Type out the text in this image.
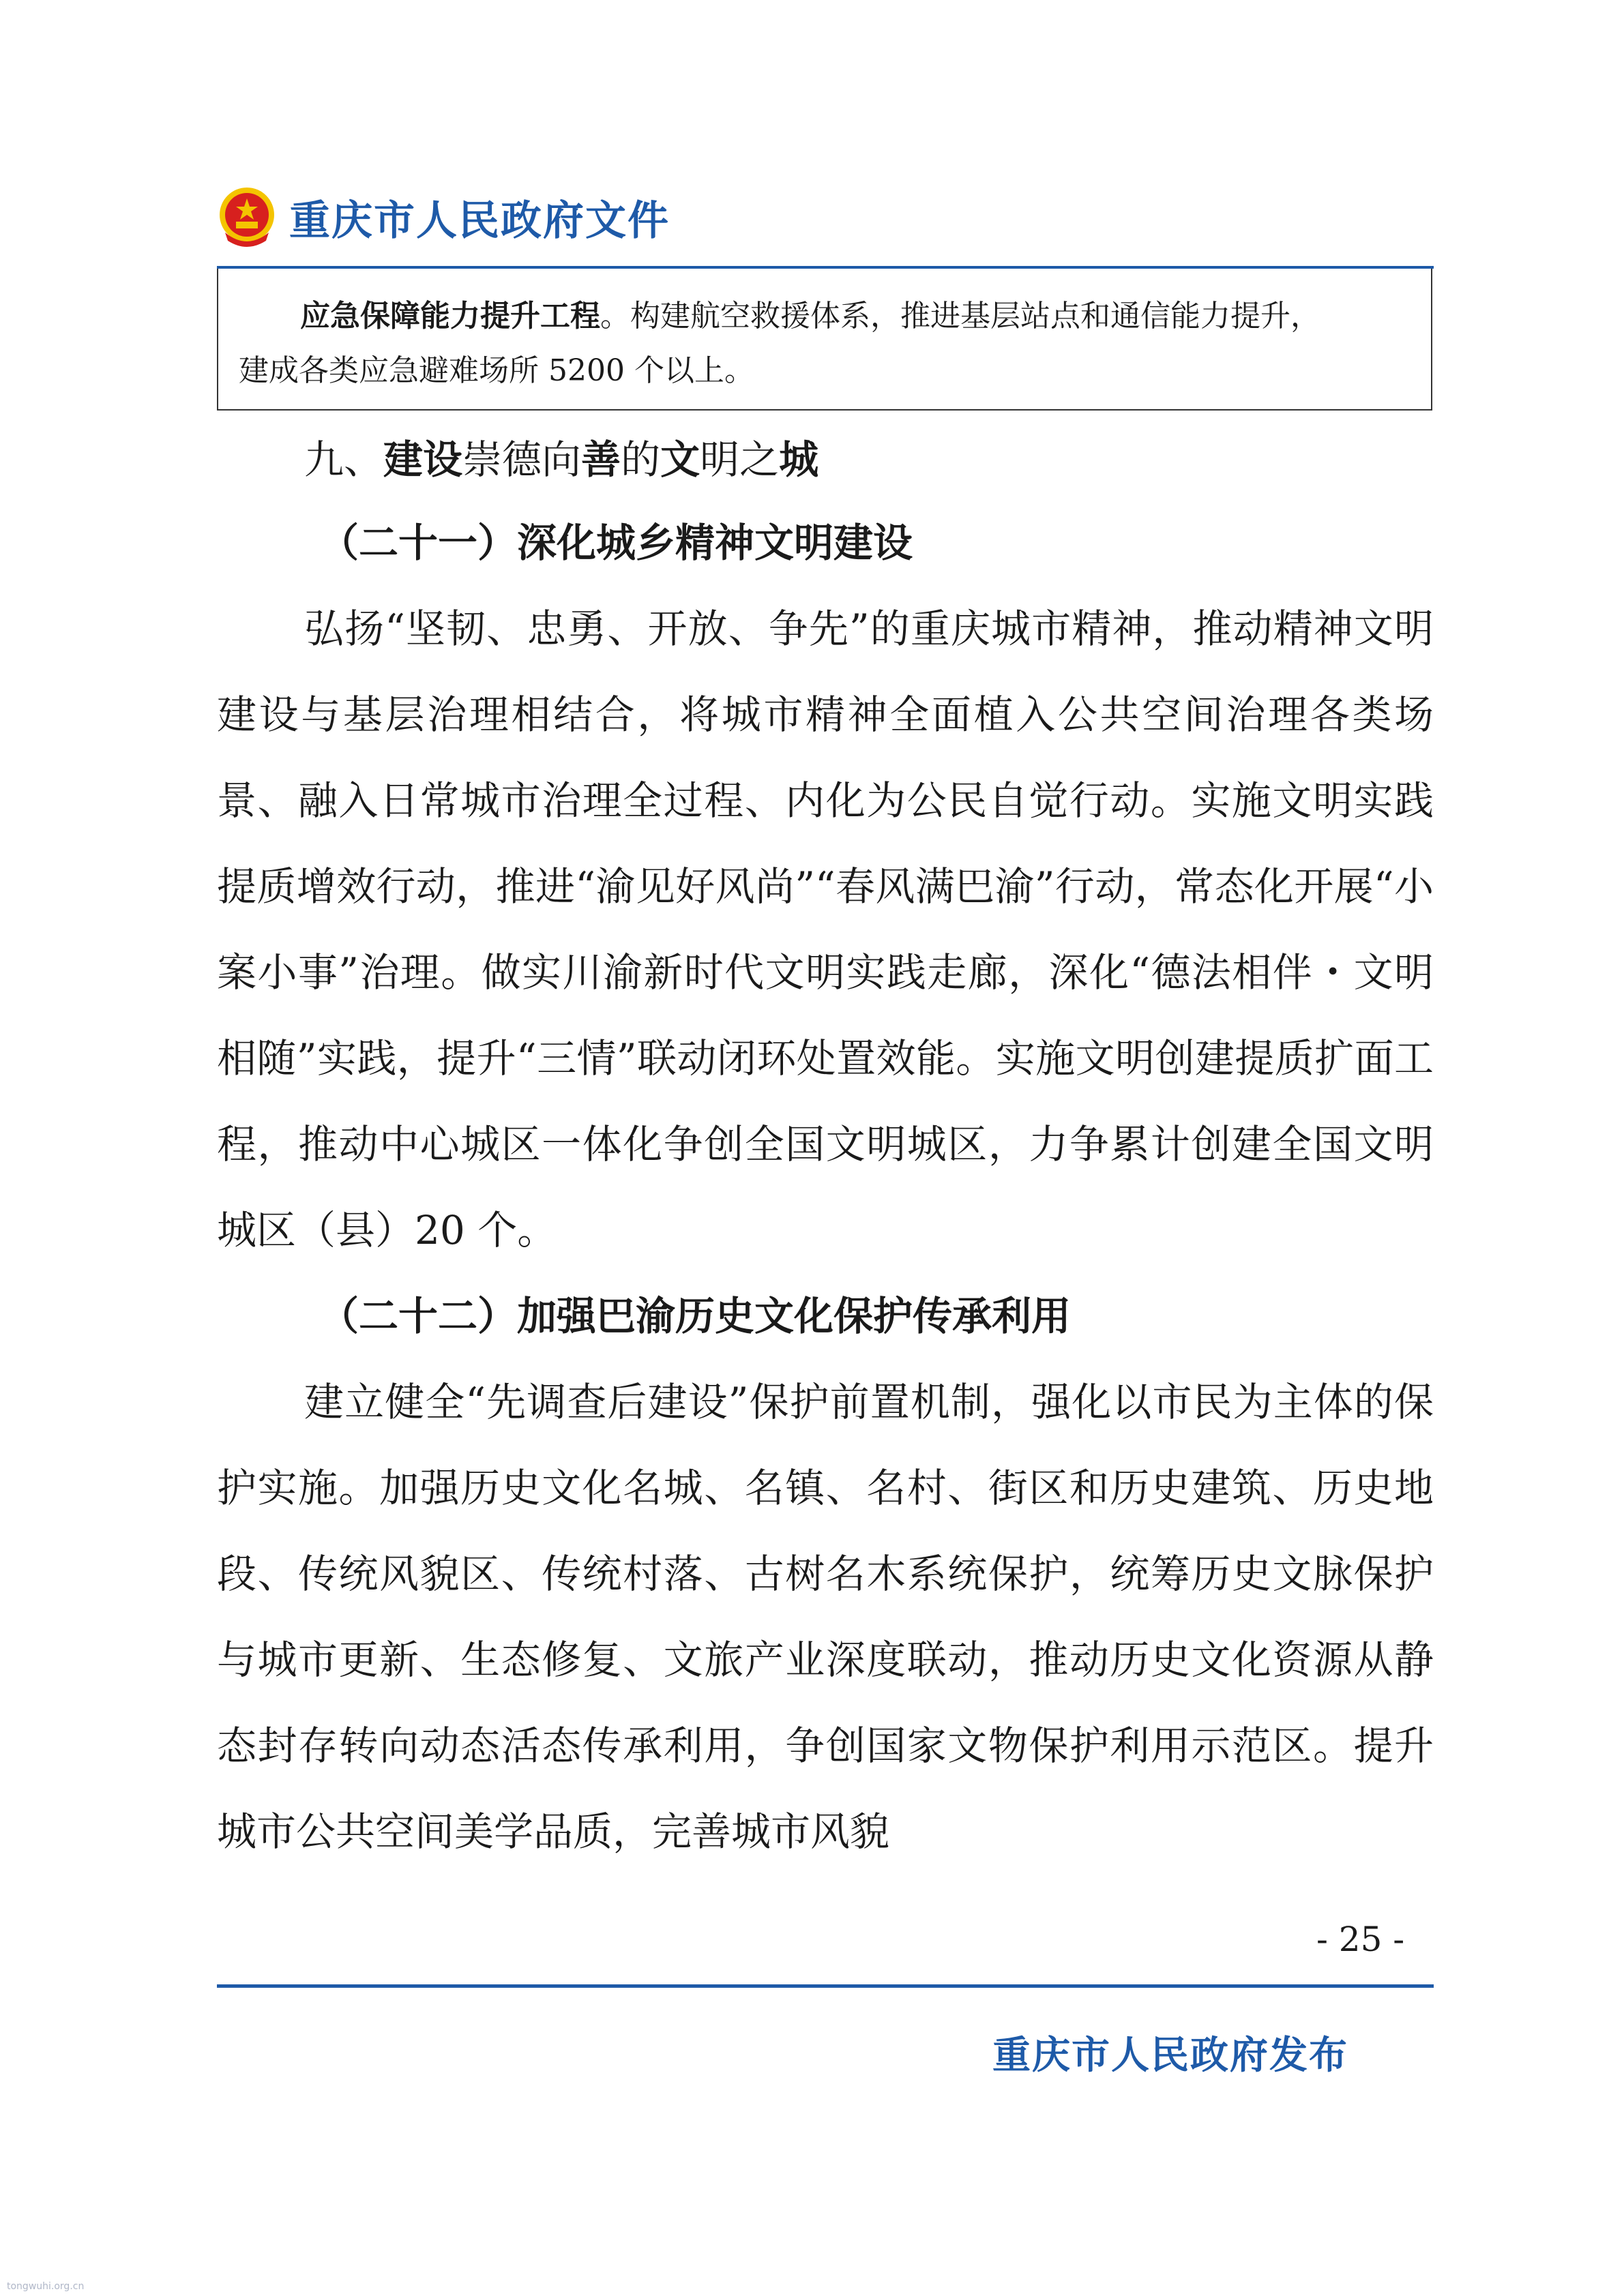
重庆市人民政府文件

应急保障能力提升工程。构建航空救援体系，推进基层站点和通信能力提升，

建成各类应急避难场所 5200 个以上。

九、建设崇德向善的文明之城

（二十一）深化城乡精神文明建设

弘扬“坚韧、忠勇、开放、争先”的重庆城市精神，推动精神文明建设与基层治理相结合，将城市精神全面植入公共空间治理各类场景、融入日常城市治理全过程、内化为公民自觉行动。实施文明实践提质增效行动，推进“渝见好风尚”“春风满巴渝”行动，常态化开展“小案小事”治理。做实川渝新时代文明实践走廊，深化“德法相伴・文明相随”实践，提升“三情”联动闭环处置效能。实施文明创建提质扩面工程，推动中心城区一体化争创全国文明城区，力争累计创建全国文明城区（县）20 个。

（二十二）加强巴渝历史文化保护传承利用

建立健全“先调查后建设”保护前置机制，强化以市民为主体的保护实施。加强历史文化名城、名镇、名村、街区和历史建筑、历史地段、传统风貌区、传统村落、古树名木系统保护，统筹历史文脉保护与城市更新、生态修复、文旅产业深度联动，推动历史文化资源从静态封存转向动态活态传承利用，争创国家文物保护利用示范区。提升城市公共空间美学品质，完善城市风貌

- 25 -
重庆市人民政府发布
tongwuhi.org.cn
